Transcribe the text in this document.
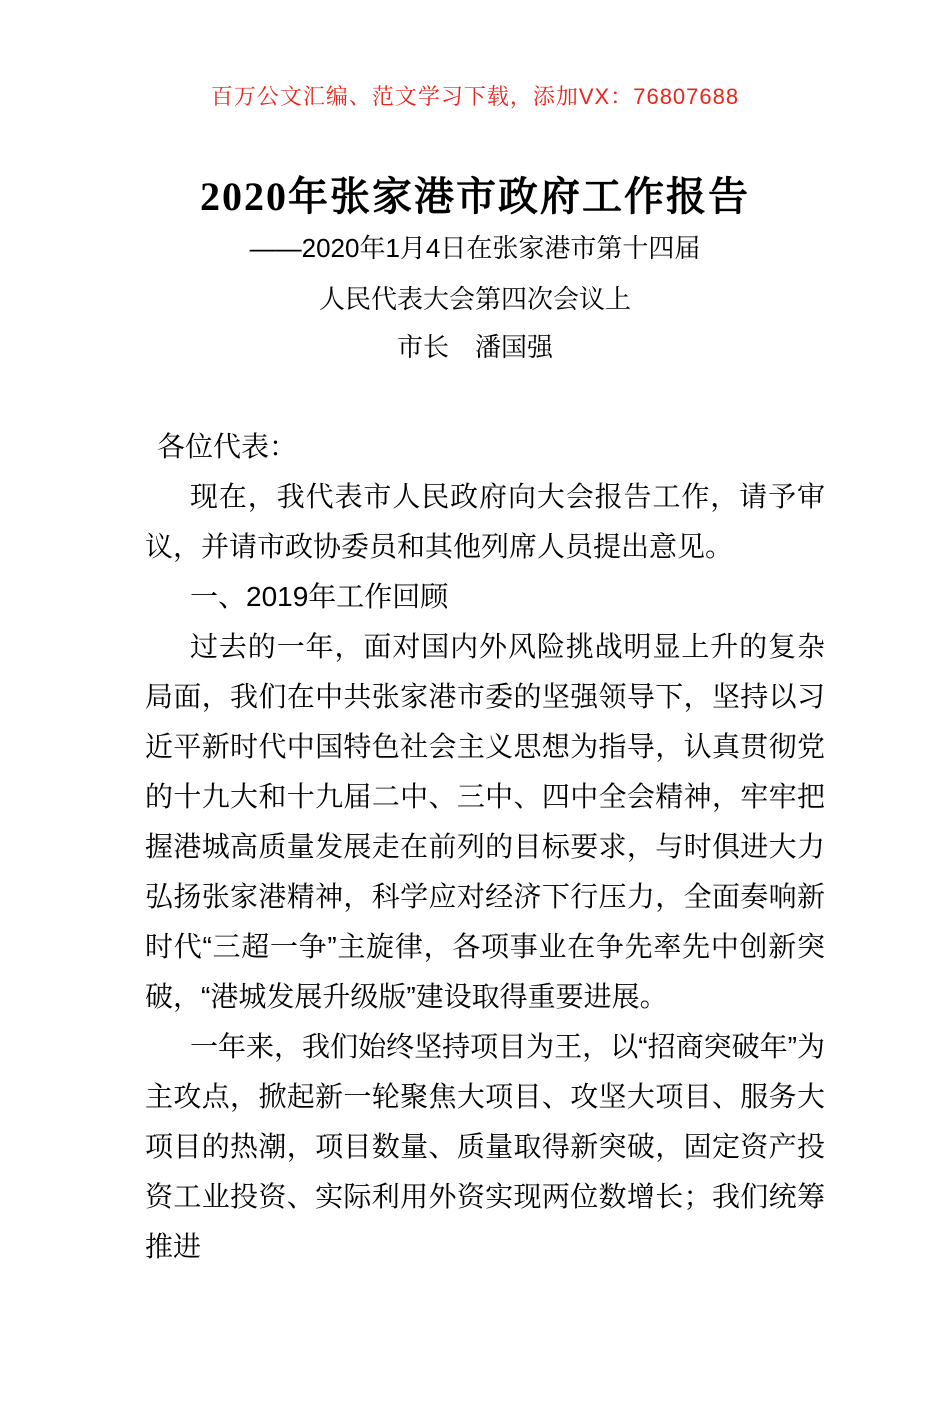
百万公文汇编、范文学习下载，添加VX：76807688
2020年张家港市政府工作报告
——2020年1月4日在张家港市第十四届
人民代表大会第四次会议上
市长　潘国强

各位代表：

现在，我代表市人民政府向大会报告工作，请予审议，并请市政协委员和其他列席人员提出意见。

一、2019年工作回顾

过去的一年，面对国内外风险挑战明显上升的复杂局面，我们在中共张家港市委的坚强领导下，坚持以习近平新时代中国特色社会主义思想为指导，认真贯彻党的十九大和十九届二中、三中、四中全会精神，牢牢把握港城高质量发展走在前列的目标要求，与时俱进大力弘扬张家港精神，科学应对经济下行压力，全面奏响新时代“三超一争”主旋律，各项事业在争先率先中创新突破，“港城发展升级版”建设取得重要进展。

一年来，我们始终坚持项目为王，以“招商突破年”为主攻点，掀起新一轮聚焦大项目、攻坚大项目、服务大项目的热潮，项目数量、质量取得新突破，固定资产投资工业投资、实际利用外资实现两位数增长；我们统筹推进
